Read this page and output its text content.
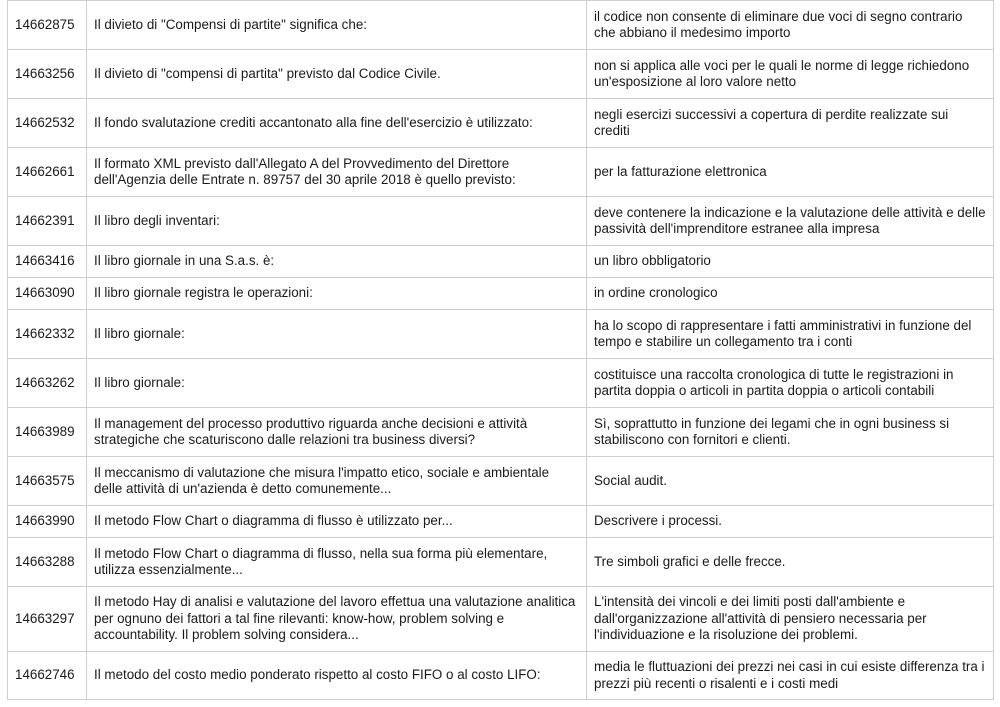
14662875	Il divieto di "Compensi di partite" significa che:	il codice non consente di eliminare due voci di segno contrario che abbiano il medesimo importo
14663256	Il divieto di "compensi di partita" previsto dal Codice Civile.	non si applica alle voci per le quali le norme di legge richiedono un'esposizione al loro valore netto
14662532	Il fondo svalutazione crediti accantonato alla fine dell'esercizio è utilizzato:	negli esercizi successivi a copertura di perdite realizzate sui crediti
14662661	Il formato XML previsto dall'Allegato A del Provvedimento del Direttore dell'Agenzia delle Entrate n. 89757 del 30 aprile 2018 è quello previsto:	per la fatturazione elettronica
14662391	Il libro degli inventari:	deve contenere la indicazione e la valutazione delle attività e delle passività dell'imprenditore estranee alla impresa
14663416	Il libro giornale in una S.a.s. è:	un libro obbligatorio
14663090	Il libro giornale registra le operazioni:	in ordine cronologico
14662332	Il libro giornale:	ha lo scopo di rappresentare i fatti amministrativi in funzione del tempo e stabilire un collegamento tra i conti
14663262	Il libro giornale:	costituisce una raccolta cronologica di tutte le registrazioni in partita doppia o articoli in partita doppia o articoli contabili
14663989	Il management del processo produttivo riguarda anche decisioni e attività strategiche che scaturiscono dalle relazioni tra business diversi?	Sì, soprattutto in funzione dei legami che in ogni business si stabiliscono con fornitori e clienti.
14663575	Il meccanismo di valutazione che misura l'impatto etico, sociale e ambientale delle attività di un'azienda è detto comunemente...	Social audit.
14663990	Il metodo Flow Chart o diagramma di flusso è utilizzato per...	Descrivere i processi.
14663288	Il metodo Flow Chart o diagramma di flusso, nella sua forma più elementare, utilizza essenzialmente...	Tre simboli grafici e delle frecce.
14663297	Il metodo Hay di analisi e valutazione del lavoro effettua una valutazione analitica per ognuno dei fattori a tal fine rilevanti: know-how, problem solving e accountability. Il problem solving considera...	L'intensità dei vincoli e dei limiti posti dall'ambiente e dall'organizzazione all'attività di pensiero necessaria per l'individuazione e la risoluzione dei problemi.
14662746	Il metodo del costo medio ponderato rispetto al costo FIFO o al costo LIFO:	media le fluttuazioni dei prezzi nei casi in cui esiste differenza tra i prezzi più recenti o risalenti e i costi medi
